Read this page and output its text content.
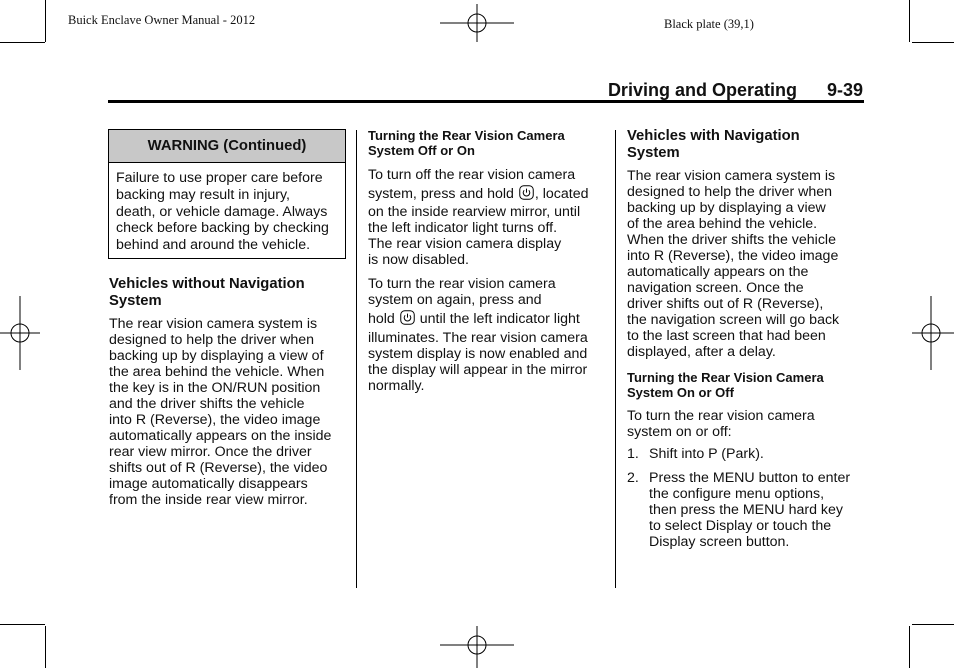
Buick Enclave Owner Manual - 2012	Black plate (39,1)
Driving and Operating 9-39
WARNING (Continued)
Failure to use proper care before
backing may result in injury,
death, or vehicle damage. Always
check before backing by checking
behind and around the vehicle.
Vehicles without Navigation
System
The rear vision camera system is
designed to help the driver when
backing up by displaying a view of
the area behind the vehicle. When
the key is in the ON/RUN position
and the driver shifts the vehicle
into R (Reverse), the video image
automatically appears on the inside
rear view mirror. Once the driver
shifts out of R (Reverse), the video
image automatically disappears
from the inside rear view mirror.
Turning the Rear Vision Camera
System Off or On
To turn off the rear vision camera
system, press and hold , located
on the inside rearview mirror, until
the left indicator light turns off.
The rear vision camera display
is now disabled.
To turn the rear vision camera
system on again, press and
hold until the left indicator light
illuminates. The rear vision camera
system display is now enabled and
the display will appear in the mirror
normally.
Vehicles with Navigation
System
The rear vision camera system is
designed to help the driver when
backing up by displaying a view
of the area behind the vehicle.
When the driver shifts the vehicle
into R (Reverse), the video image
automatically appears on the
navigation screen. Once the
driver shifts out of R (Reverse),
the navigation screen will go back
to the last screen that had been
displayed, after a delay.
Turning the Rear Vision Camera
System On or Off
To turn the rear vision camera
system on or off:
1. Shift into P (Park).
2. Press the MENU button to enter
the configure menu options,
then press the MENU hard key
to select Display or touch the
Display screen button.
